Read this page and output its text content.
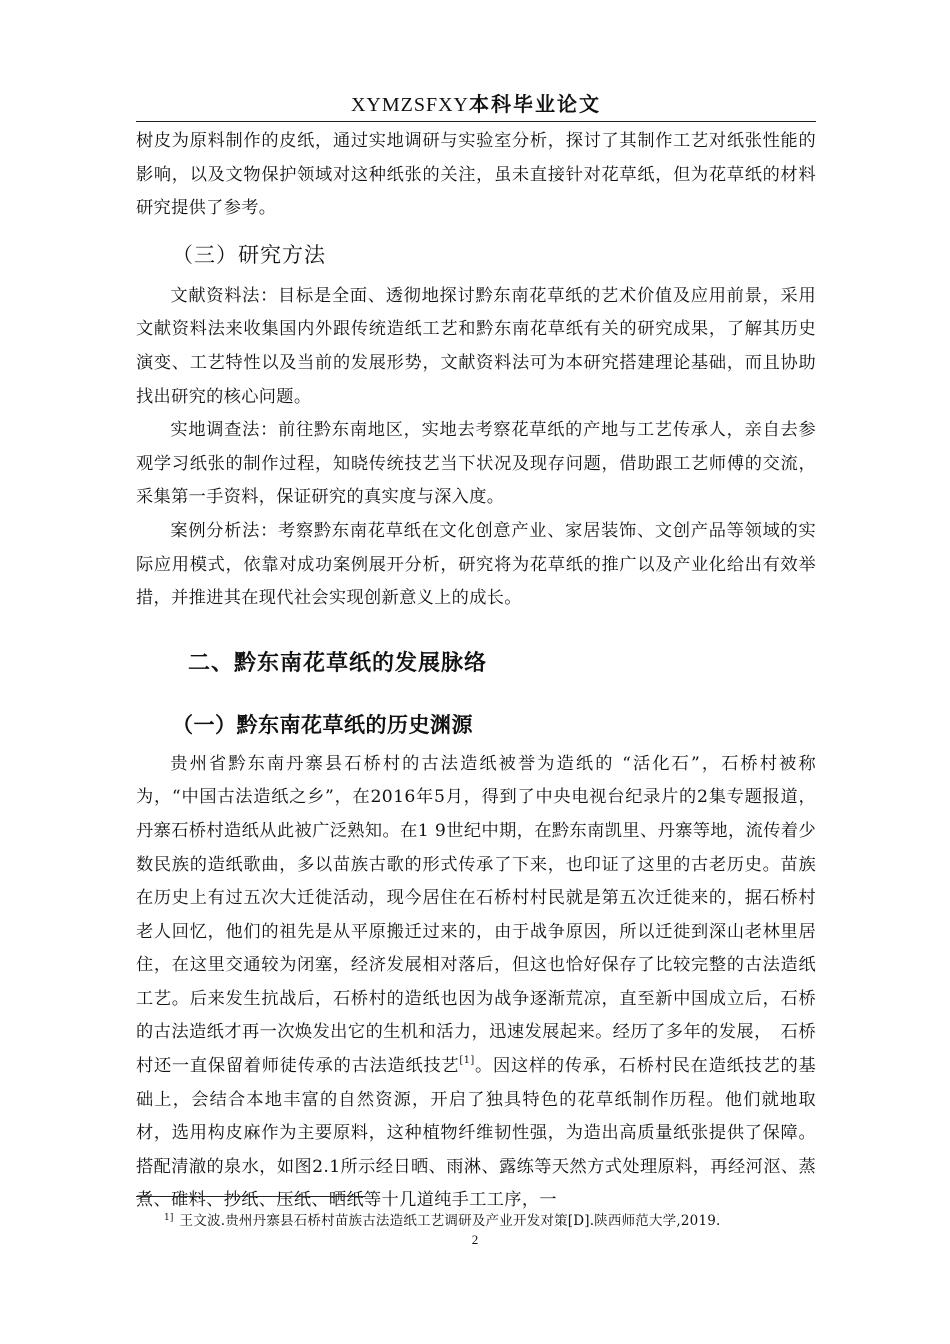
XYMZSFXY本科毕业论文

树皮为原料制作的皮纸，通过实地调研与实验室分析，探讨了其制作工艺对纸张性能的影响，以及文物保护领域对这种纸张的关注，虽未直接针对花草纸，但为花草纸的材料研究提供了参考。

（三）研究方法

文献资料法：目标是全面、透彻地探讨黔东南花草纸的艺术价值及应用前景，采用文献资料法来收集国内外跟传统造纸工艺和黔东南花草纸有关的研究成果，了解其历史演变、工艺特性以及当前的发展形势，文献资料法可为本研究搭建理论基础，而且协助找出研究的核心问题。

实地调查法：前往黔东南地区，实地去考察花草纸的产地与工艺传承人，亲自去参观学习纸张的制作过程，知晓传统技艺当下状况及现存问题，借助跟工艺师傅的交流，采集第一手资料，保证研究的真实度与深入度。

案例分析法：考察黔东南花草纸在文化创意产业、家居装饰、文创产品等领域的实际应用模式，依靠对成功案例展开分析，研究将为花草纸的推广以及产业化给出有效举措，并推进其在现代社会实现创新意义上的成长。

二、黔东南花草纸的发展脉络
（一）黔东南花草纸的历史渊源

贵州省黔东南丹寨县石桥村的古法造纸被誉为造纸的 “活化石”，石桥村被称为，“中国古法造纸之乡”，在2016年5月，得到了中央电视台纪录片的2集专题报道，丹寨石桥村造纸从此被广泛熟知。在1 9世纪中期，在黔东南凯里、丹寨等地，流传着少数民族的造纸歌曲，多以苗族古歌的形式传承了下来，也印证了这里的古老历史。苗族在历史上有过五次大迁徙活动，现今居住在石桥村村民就是第五次迁徙来的，据石桥村老人回忆，他们的祖先是从平原搬迁过来的，由于战争原因，所以迁徙到深山老林里居住，在这里交通较为闭塞，经济发展相对落后，但这也恰好保存了比较完整的古法造纸工艺。后来发生抗战后，石桥村的造纸也因为战争逐渐荒凉，直至新中国成立后，石桥的古法造纸才再一次焕发出它的生机和活力，迅速发展起来。经历了多年的发展，　石桥村还一直保留着师徒传承的古法造纸技艺[1]。因这样的传承，石桥村民在造纸技艺的基础上，会结合本地丰富的自然资源，开启了独具特色的花草纸制作历程。他们就地取材，选用构皮麻作为主要原料，这种植物纤维韧性强，为造出高质量纸张提供了保障。搭配清澈的泉水，如图2.1所示经日晒、雨淋、露练等天然方式处理原料，再经河沤、蒸煮、碓料、抄纸、压纸、晒纸等十几道纯手工工序，一

$^{1]}$ 王文波.贵州丹寨县石桥村苗族古法造纸工艺调研及产业开发对策[D].陕西师范大学,2019.
2
